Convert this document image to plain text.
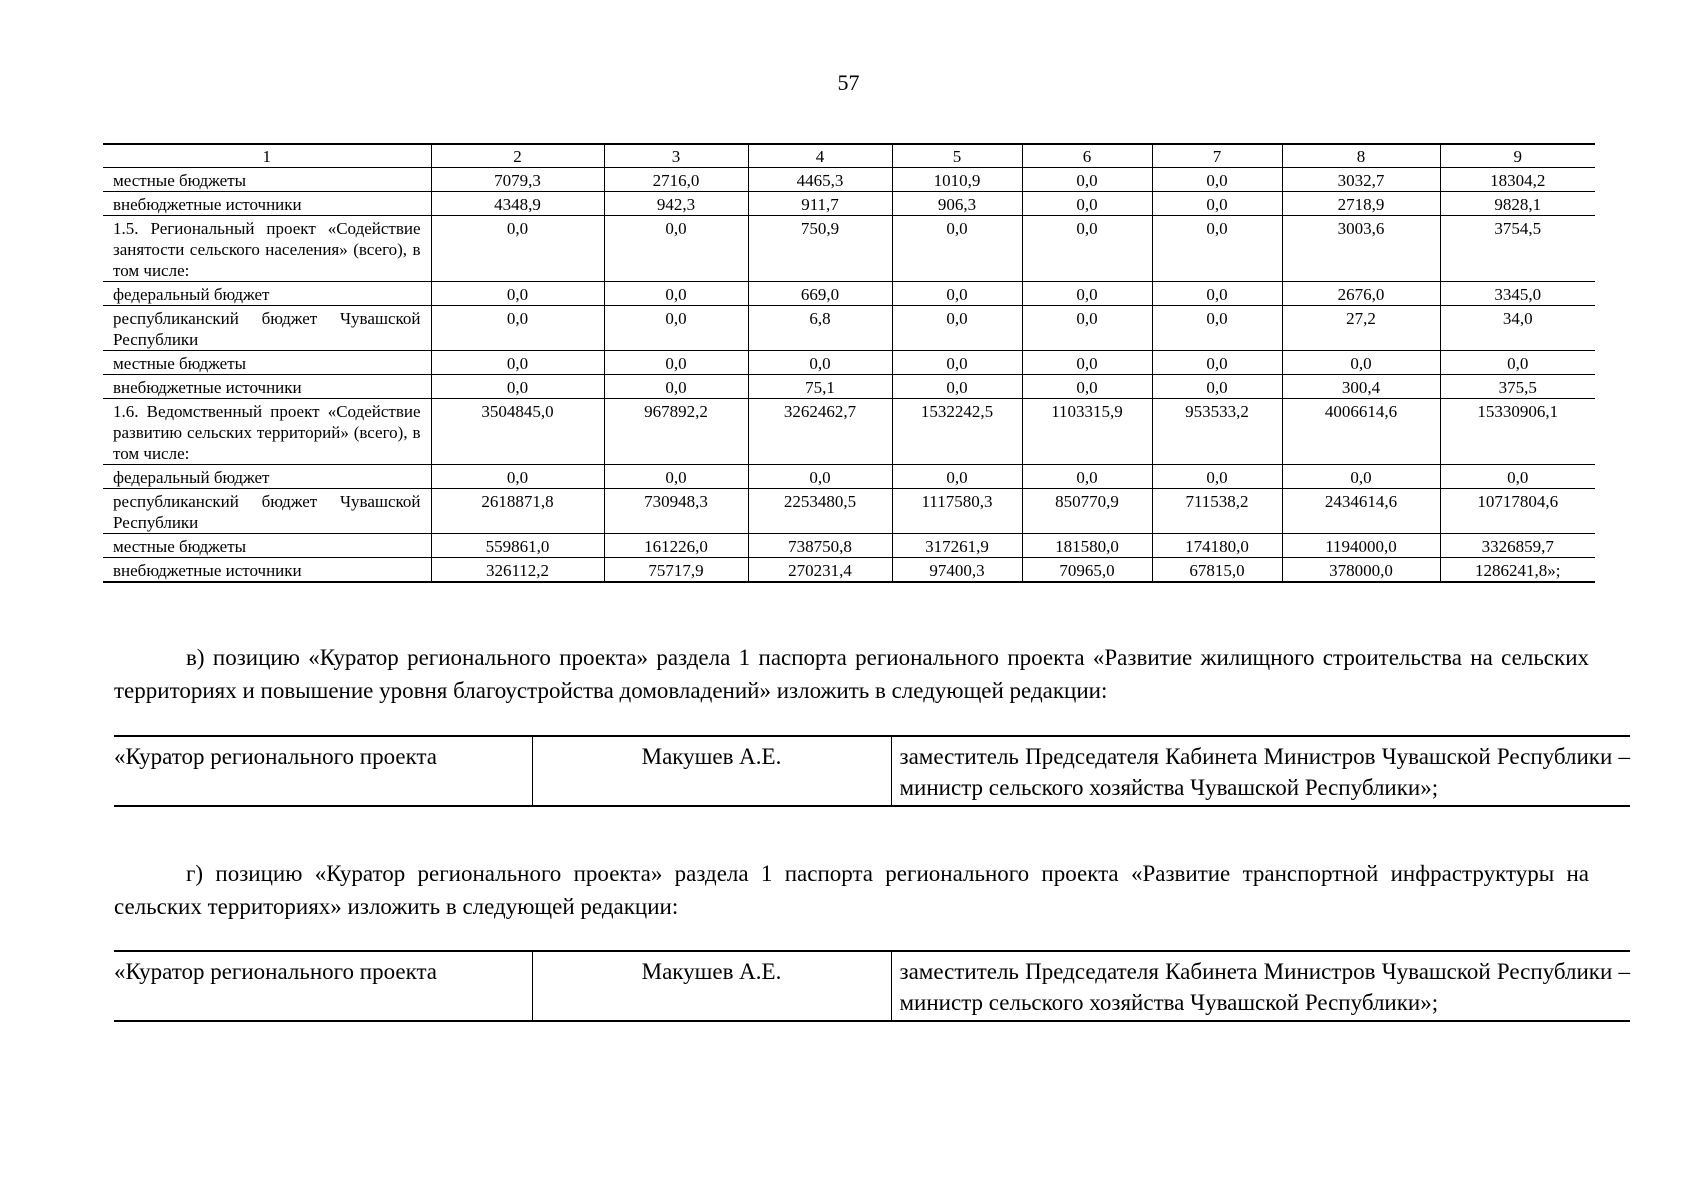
57
1	2	3	4	5	6	7	8	9
местные бюджеты	7079,3	2716,0	4465,3	1010,9	0,0	0,0	3032,7	18304,2
внебюджетные источники	4348,9	942,3	911,7	906,3	0,0	0,0	2718,9	9828,1
1.5. Региональный проект «Содействие занятости сельского населения» (всего), в том числе:	0,0	0,0	750,9	0,0	0,0	0,0	3003,6	3754,5
федеральный бюджет	0,0	0,0	669,0	0,0	0,0	0,0	2676,0	3345,0
республиканский бюджет Чувашской Республики	0,0	0,0	6,8	0,0	0,0	0,0	27,2	34,0
местные бюджеты	0,0	0,0	0,0	0,0	0,0	0,0	0,0	0,0
внебюджетные источники	0,0	0,0	75,1	0,0	0,0	0,0	300,4	375,5
1.6. Ведомственный проект «Содействие развитию сельских территорий» (всего), в том числе:	3504845,0	967892,2	3262462,7	1532242,5	1103315,9	953533,2	4006614,6	15330906,1
федеральный бюджет	0,0	0,0	0,0	0,0	0,0	0,0	0,0	0,0
республиканский бюджет Чувашской Республики	2618871,8	730948,3	2253480,5	1117580,3	850770,9	711538,2	2434614,6	10717804,6
местные бюджеты	559861,0	161226,0	738750,8	317261,9	181580,0	174180,0	1194000,0	3326859,7
внебюджетные источники	326112,2	75717,9	270231,4	97400,3	70965,0	67815,0	378000,0	1286241,8»;
в) позицию «Куратор регионального проекта» раздела 1 паспорта регионального проекта «Развитие жилищного строительства на сельских территориях и повышение уровня благоустройства домовладений» изложить в следующей редакции:
«Куратор регионального проекта	Макушев А.Е.	заместитель Председателя Кабинета Министров Чувашской Республики – министр сельского хозяйства Чувашской Республики»;
г) позицию «Куратор регионального проекта» раздела 1 паспорта регионального проекта «Развитие транспортной инфраструктуры на сельских территориях» изложить в следующей редакции:
«Куратор регионального проекта	Макушев А.Е.	заместитель Председателя Кабинета Министров Чувашской Республики – министр сельского хозяйства Чувашской Республики»;
